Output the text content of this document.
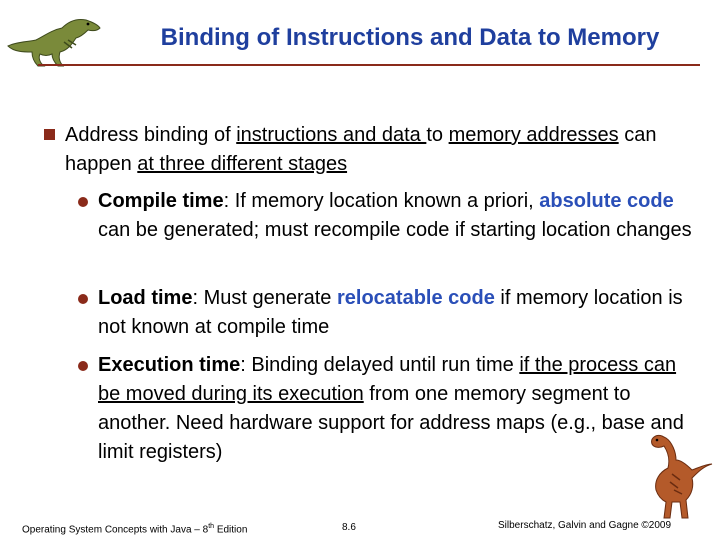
Binding of Instructions and Data to Memory
Address binding of instructions and data to memory addresses can happen at three different stages
Compile time: If memory location known a priori, absolute code can be generated; must recompile code if starting location changes
Load time: Must generate relocatable code if memory location is not known at compile time
Execution time: Binding delayed until run time if the process can be moved during its execution from one memory segment to another. Need hardware support for address maps (e.g., base and limit registers)
Operating System Concepts with Java – 8th Edition	8.6	Silberschatz, Galvin and Gagne ©2009
